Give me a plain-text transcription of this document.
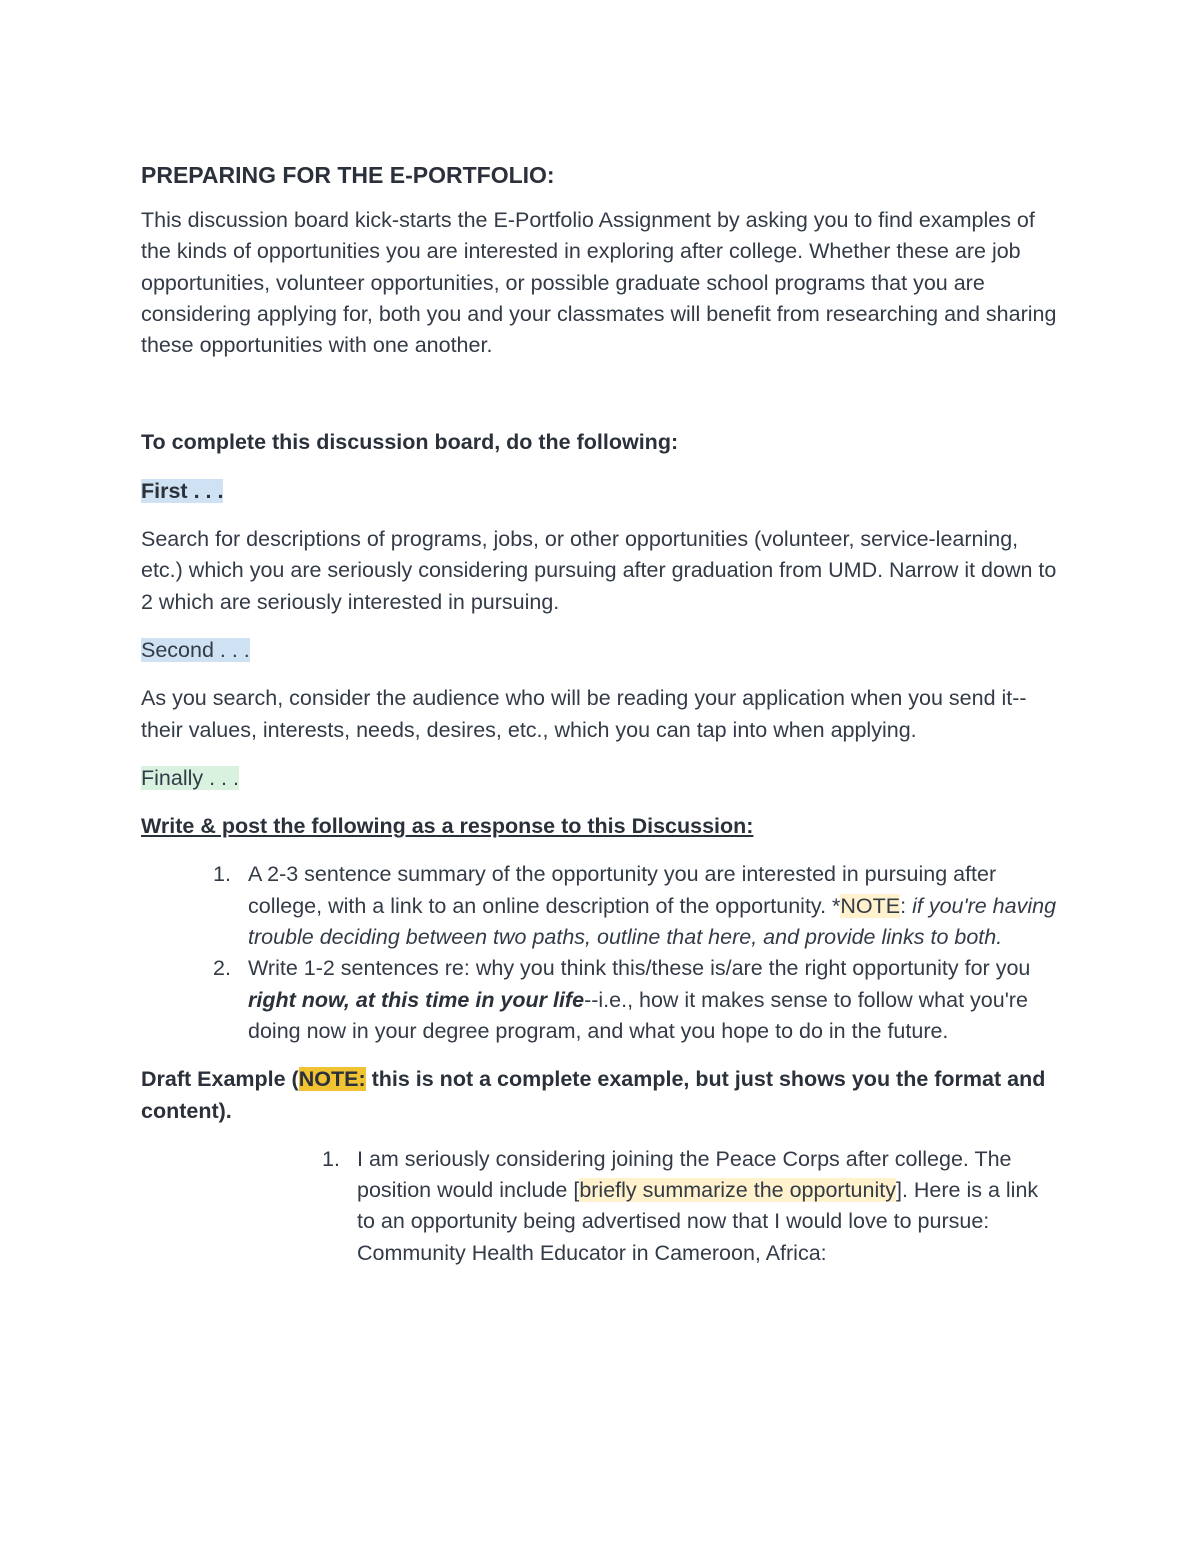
PREPARING FOR THE E-PORTFOLIO:

This discussion board kick-starts the E-Portfolio Assignment by asking you to find examples of the kinds of opportunities you are interested in exploring after college. Whether these are job opportunities, volunteer opportunities, or possible graduate school programs that you are considering applying for, both you and your classmates will benefit from researching and sharing these opportunities with one another.

To complete this discussion board, do the following:

First . . .

Search for descriptions of programs, jobs, or other opportunities (volunteer, service-learning, etc.) which you are seriously considering pursuing after graduation from UMD. Narrow it down to 2 which are seriously interested in pursuing.

Second . . .

As you search, consider the audience who will be reading your application when you send it--their values, interests, needs, desires, etc., which you can tap into when applying.

Finally . . .

Write & post the following as a response to this Discussion:

1. A 2-3 sentence summary of the opportunity you are interested in pursuing after college, with a link to an online description of the opportunity. *NOTE: if you're having trouble deciding between two paths, outline that here, and provide links to both.
2. Write 1-2 sentences re: why you think this/these is/are the right opportunity for you right now, at this time in your life--i.e., how it makes sense to follow what you're doing now in your degree program, and what you hope to do in the future.

Draft Example (NOTE: this is not a complete example, but just shows you the format and content).

1. I am seriously considering joining the Peace Corps after college. The position would include [briefly summarize the opportunity]. Here is a link to an opportunity being advertised now that I would love to pursue: Community Health Educator in Cameroon, Africa:
